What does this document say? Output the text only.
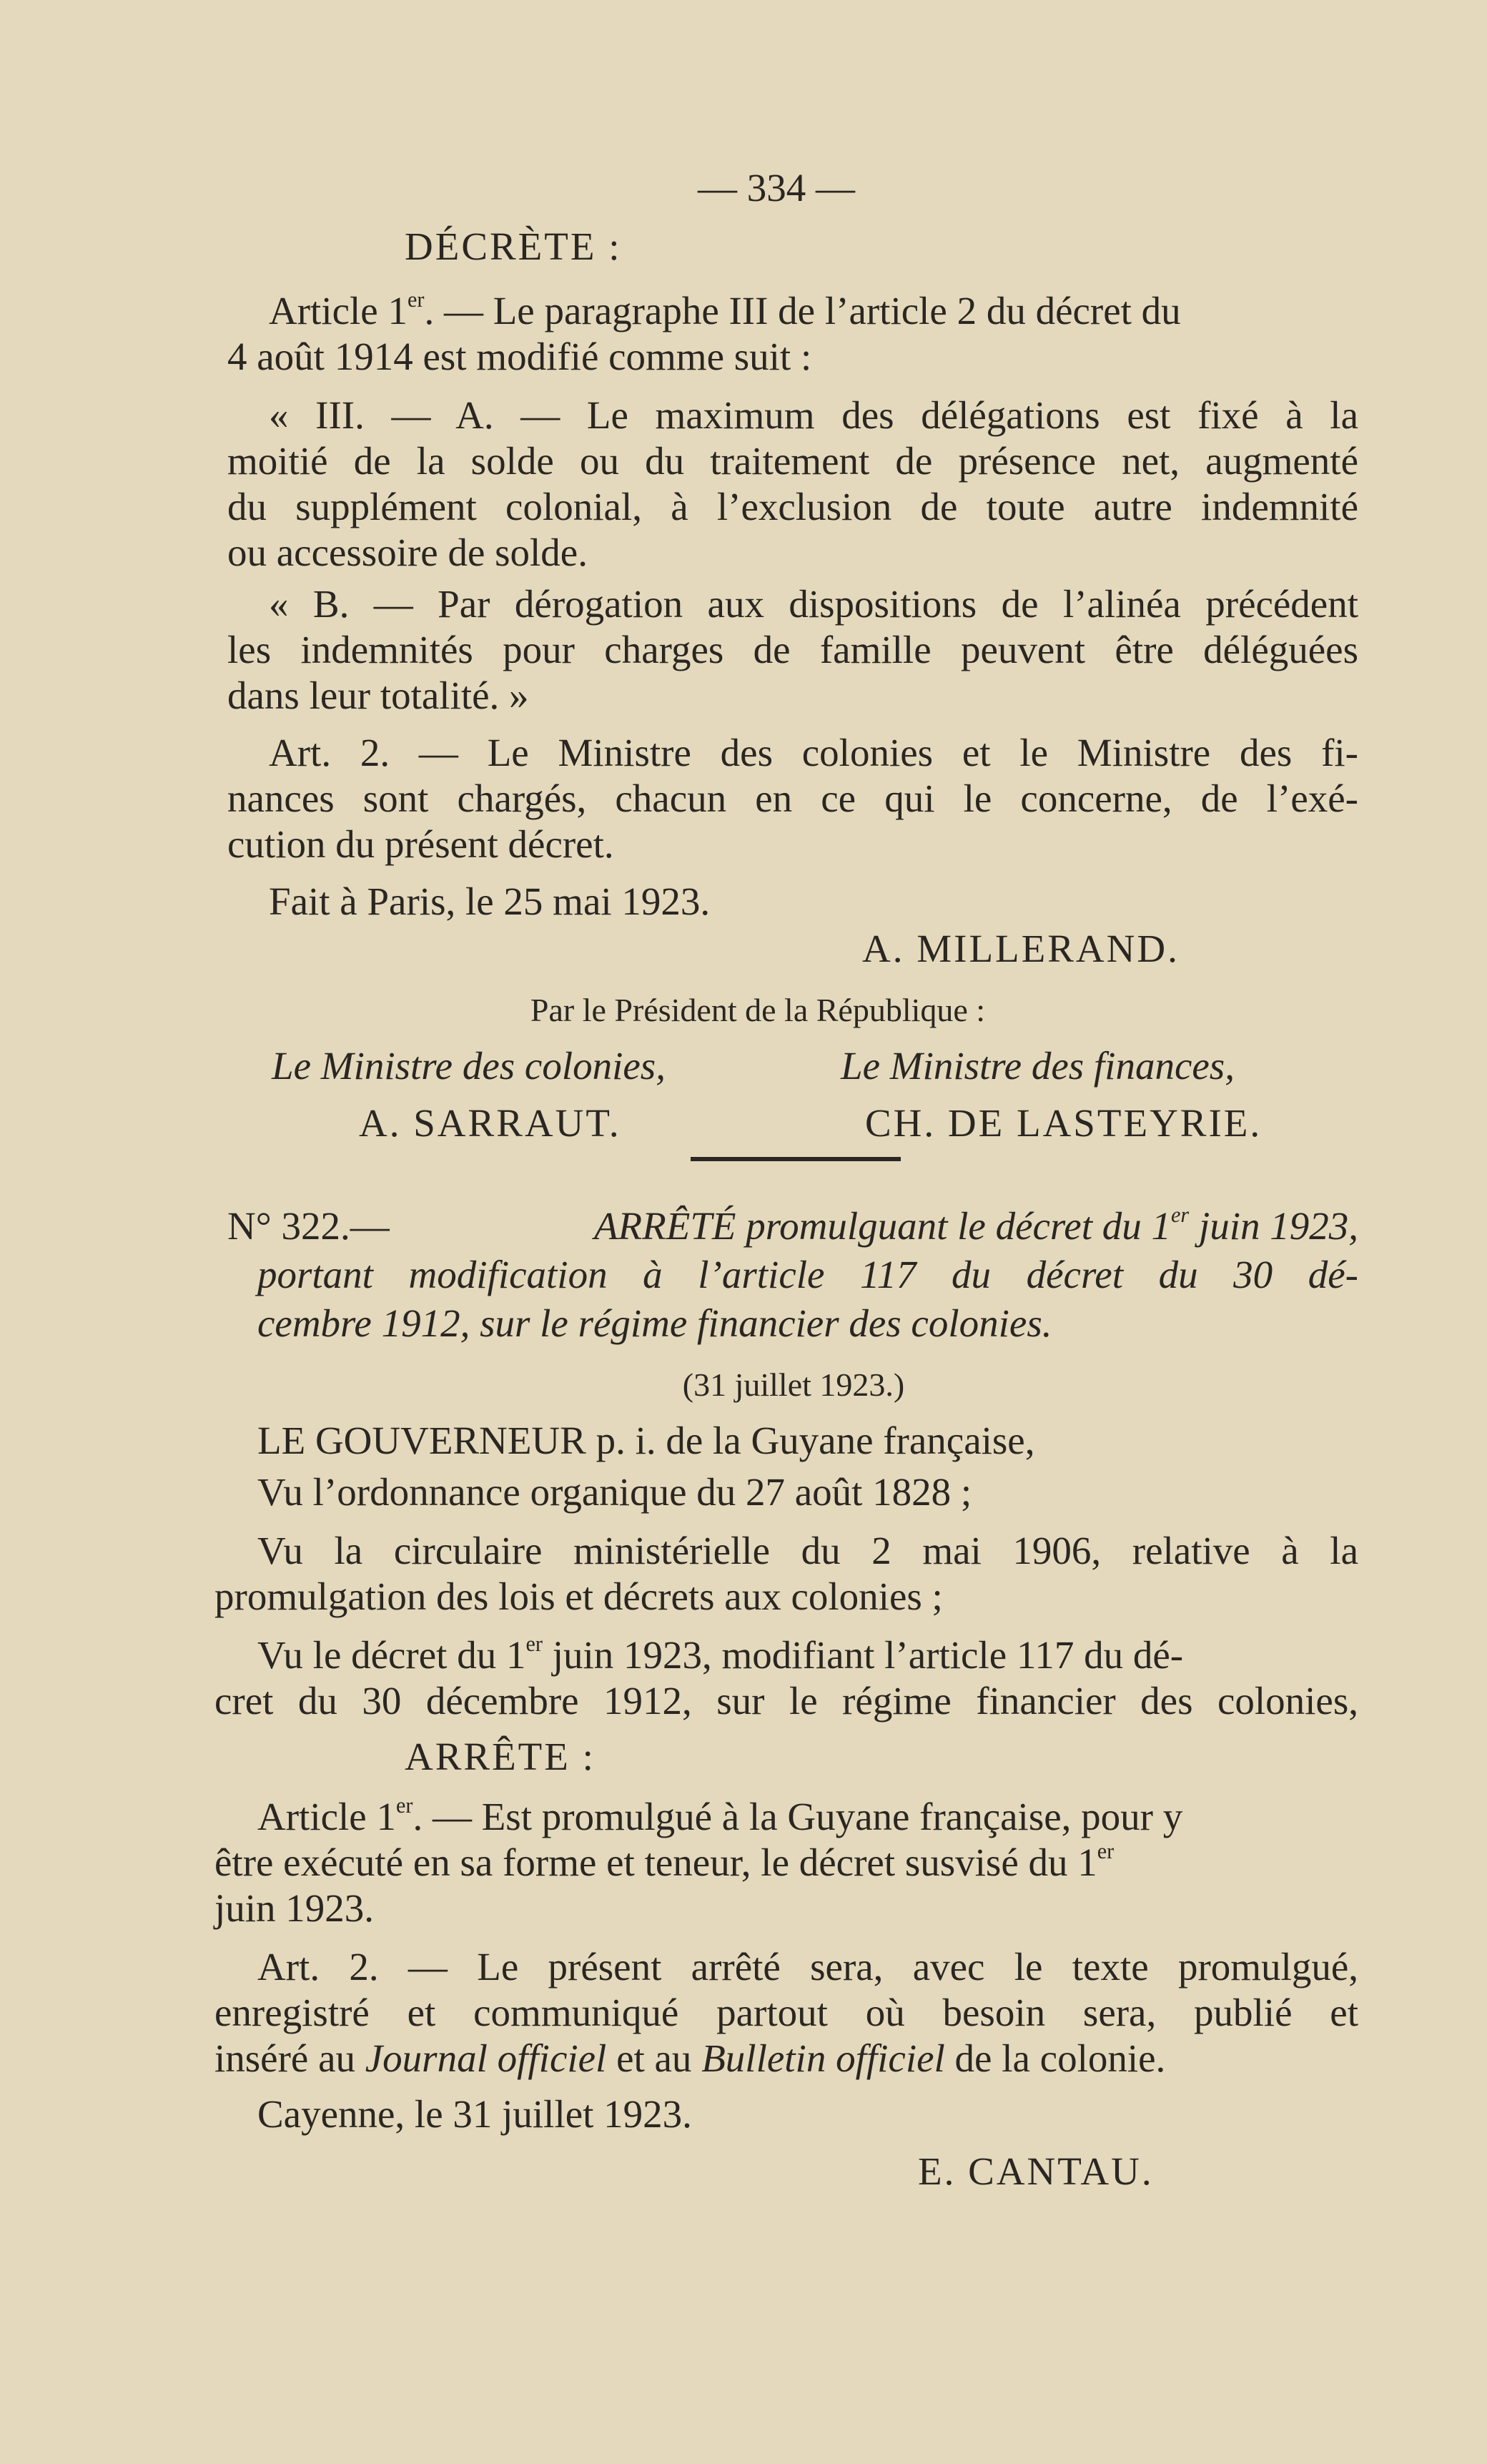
— 334 —
DÉCRÈTE :
Article 1er. — Le paragraphe III de l’article 2 du décret du
4 août 1914 est modifié comme suit :
« III. — A. — Le maximum des délégations est fixé à la
moitié de la solde ou du traitement de présence net, augmenté
du supplément colonial, à l’exclusion de toute autre indemnité
ou accessoire de solde.
« B. — Par dérogation aux dispositions de l’alinéa précédent
les indemnités pour charges de famille peuvent être déléguées
dans leur totalité. »
Art. 2. — Le Ministre des colonies et le Ministre des fi-
nances sont chargés, chacun en ce qui le concerne, de l’exé-
cution du présent décret.
Fait à Paris, le 25 mai 1923.
A. MILLERAND.
Par le Président de la République :
Le Ministre des colonies,	Le Ministre des finances,
A. SARRAUT.	CH. DE LASTEYRIE.
N° 322.—	ARRÊTÉ promulguant le décret du 1er juin 1923,
portant modification à l’article 117 du décret du 30 dé-
cembre 1912, sur le régime financier des colonies.
(31 juillet 1923.)
LE GOUVERNEUR p. i. de la Guyane française,
Vu l’ordonnance organique du 27 août 1828 ;
Vu la circulaire ministérielle du 2 mai 1906, relative à la
promulgation des lois et décrets aux colonies ;
Vu le décret du 1er juin 1923, modifiant l’article 117 du dé-
cret du 30 décembre 1912, sur le régime financier des colonies,
ARRÊTE :
Article 1er. — Est promulgué à la Guyane française, pour y
être exécuté en sa forme et teneur, le décret susvisé du 1er
juin 1923.
Art. 2. — Le présent arrêté sera, avec le texte promulgué,
enregistré et communiqué partout où besoin sera, publié et
inséré au Journal officiel et au Bulletin officiel de la colonie.
Cayenne, le 31 juillet 1923.
E. CANTAU.
